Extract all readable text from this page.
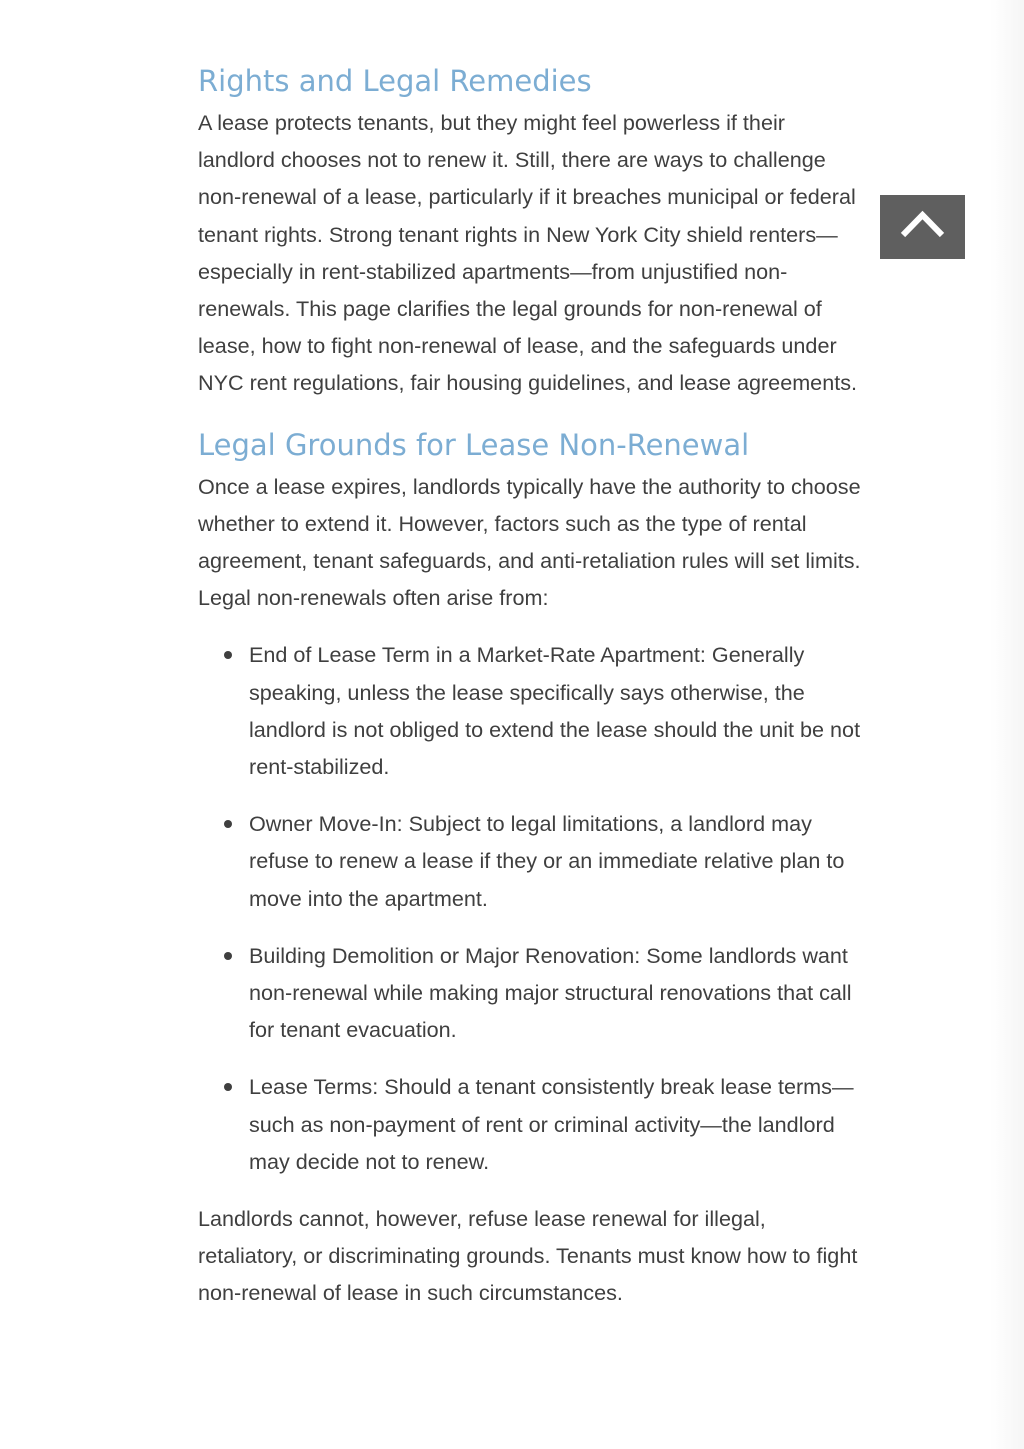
Rights and Legal Remedies

A lease protects tenants, but they might feel powerless if their landlord chooses not to renew it. Still, there are ways to challenge non-renewal of a lease, particularly if it breaches municipal or federal tenant rights. Strong tenant rights in New York City shield renters—especially in rent-stabilized apartments—from unjustified non-renewals. This page clarifies the legal grounds for non-renewal of lease, how to fight non-renewal of lease, and the safeguards under NYC rent regulations, fair housing guidelines, and lease agreements.

Legal Grounds for Lease Non-Renewal

Once a lease expires, landlords typically have the authority to choose whether to extend it. However, factors such as the type of rental agreement, tenant safeguards, and anti-retaliation rules will set limits. Legal non-renewals often arise from:

End of Lease Term in a Market-Rate Apartment: Generally speaking, unless the lease specifically says otherwise, the landlord is not obliged to extend the lease should the unit be not rent-stabilized.
Owner Move-In: Subject to legal limitations, a landlord may refuse to renew a lease if they or an immediate relative plan to move into the apartment.
Building Demolition or Major Renovation: Some landlords want non-renewal while making major structural renovations that call for tenant evacuation.
Lease Terms: Should a tenant consistently break lease terms—such as non-payment of rent or criminal activity—the landlord may decide not to renew.

Landlords cannot, however, refuse lease renewal for illegal, retaliatory, or discriminating grounds. Tenants must know how to fight non-renewal of lease in such circumstances.
